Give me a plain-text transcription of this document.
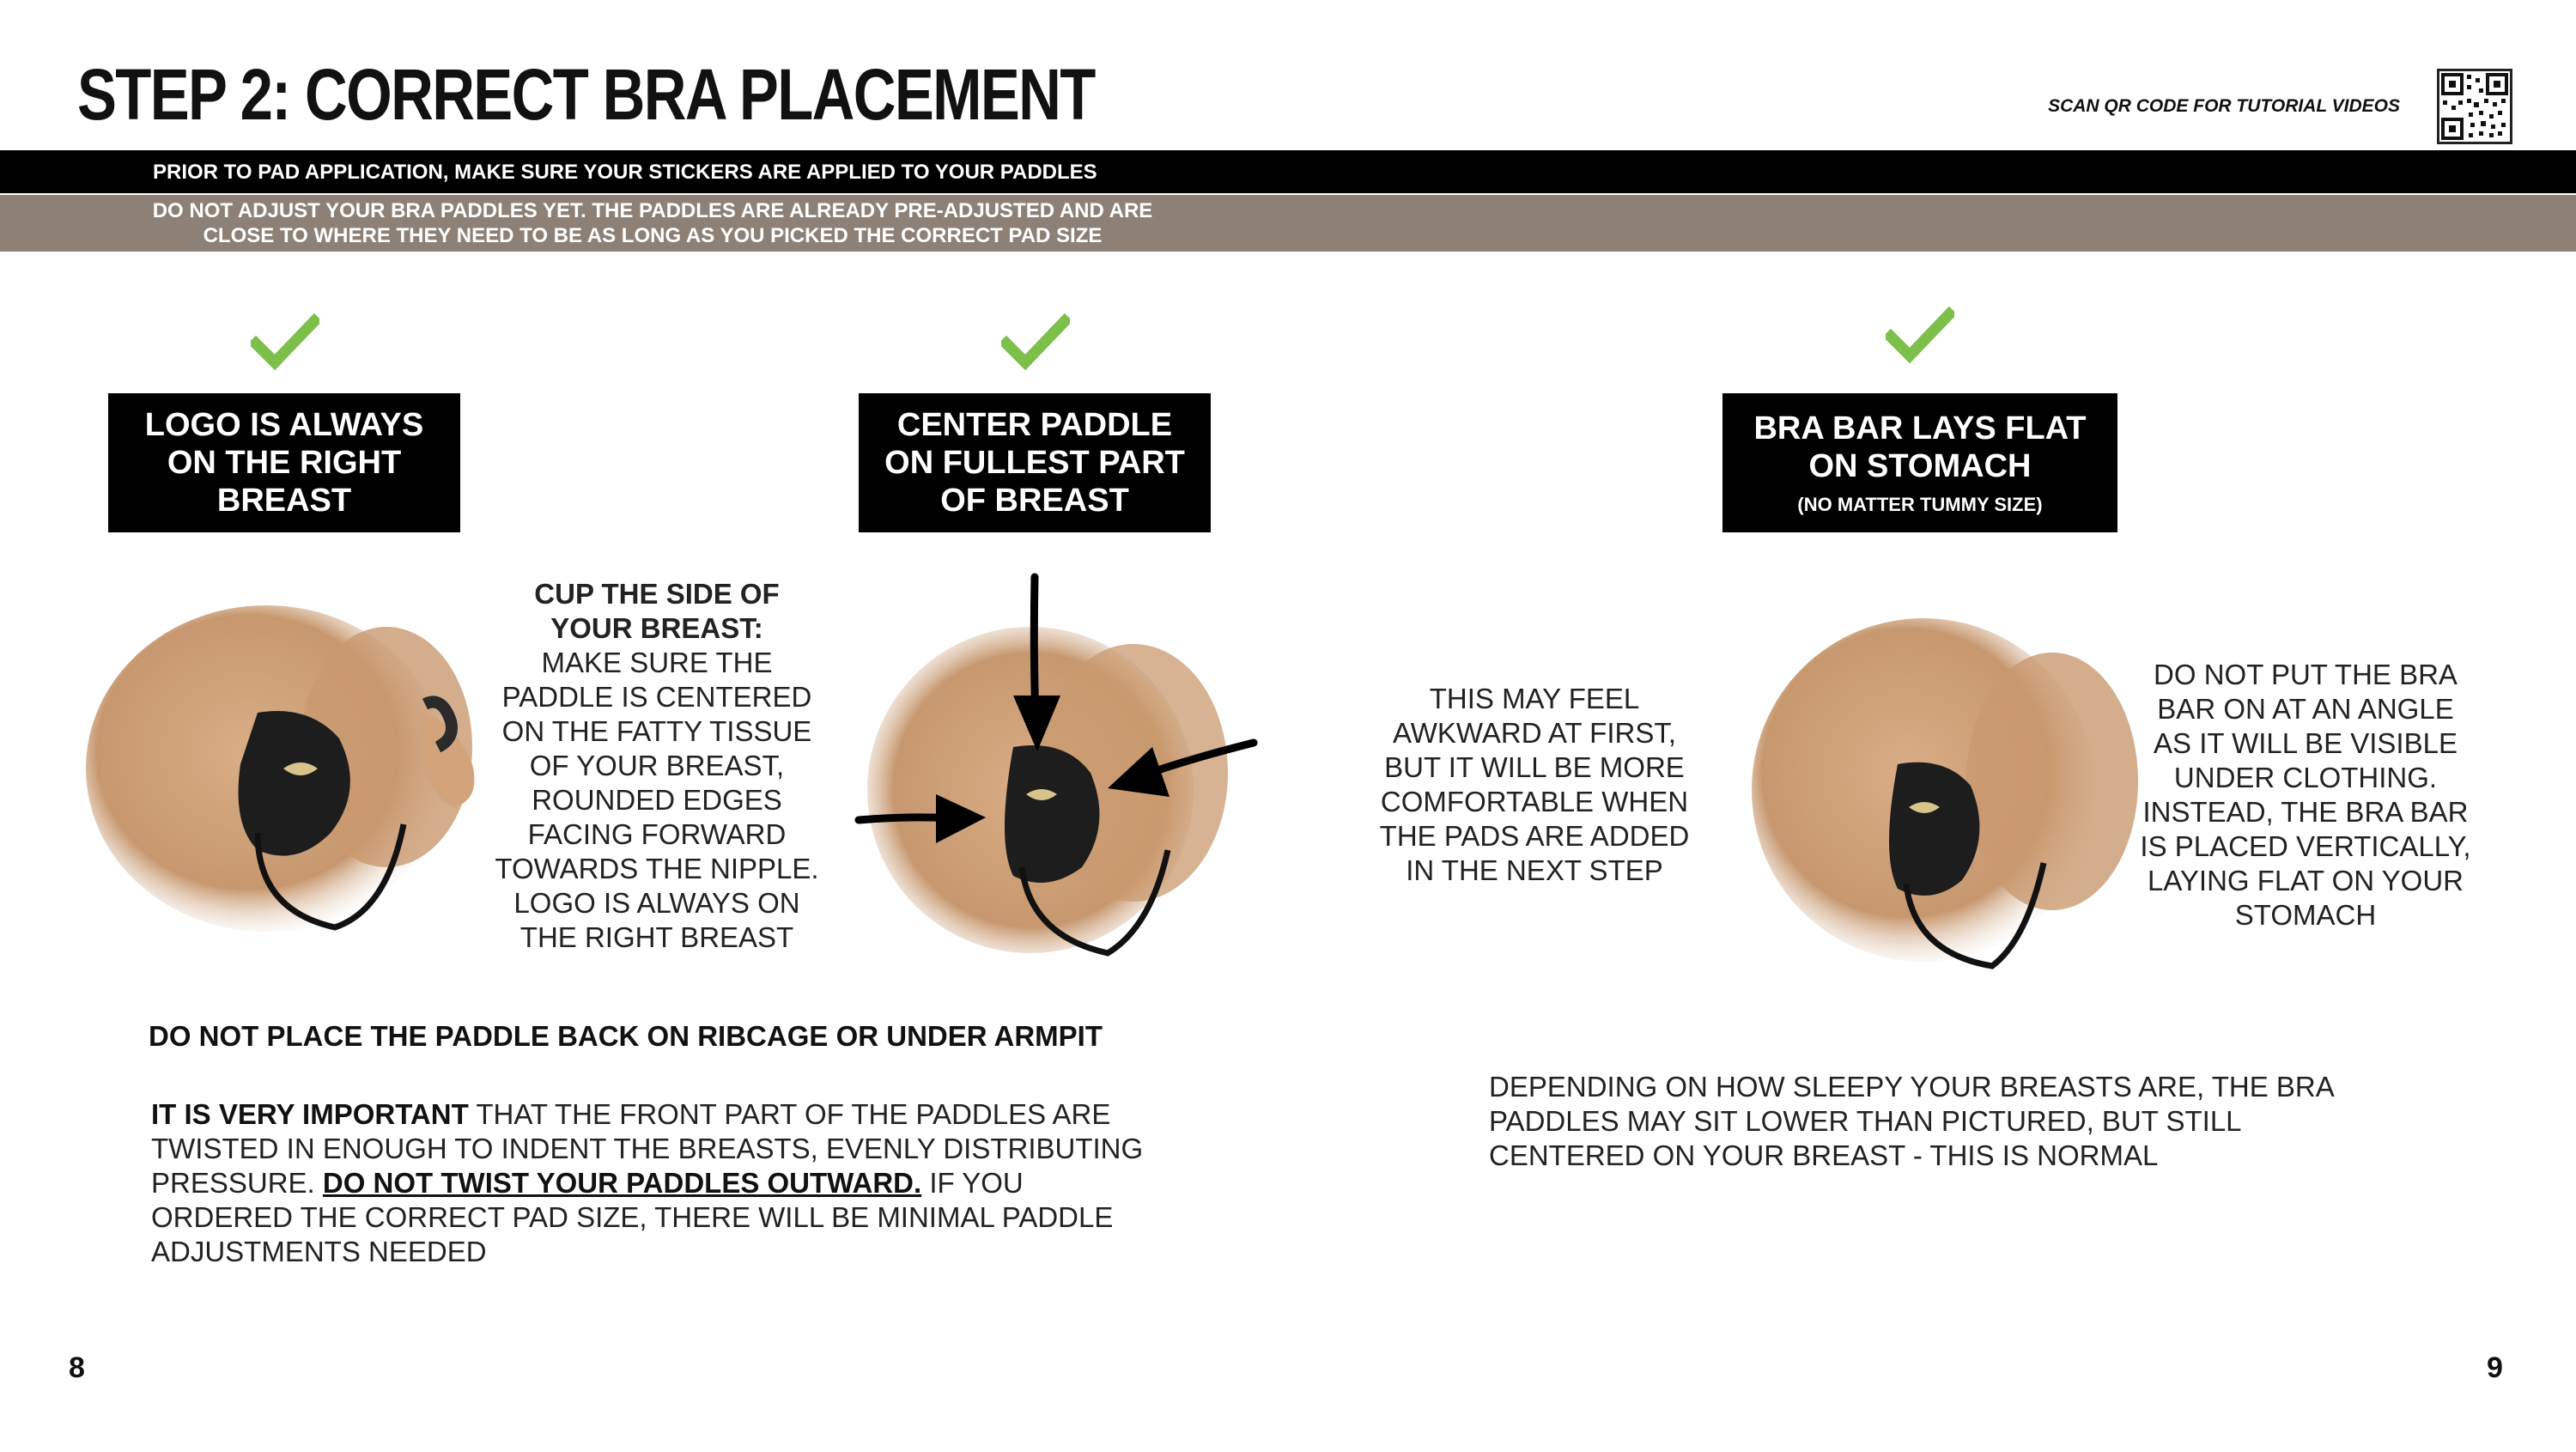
STEP 2: CORRECT BRA PLACEMENT	SCAN QR CODE FOR TUTORIAL VIDEOS
PRIOR TO PAD APPLICATION, MAKE SURE YOUR STICKERS ARE APPLIED TO YOUR PADDLES
DO NOT ADJUST YOUR BRA PADDLES YET. THE PADDLES ARE ALREADY PRE-ADJUSTED AND ARE
CLOSE TO WHERE THEY NEED TO BE AS LONG AS YOU PICKED THE CORRECT PAD SIZE
LOGO IS ALWAYS
ON THE RIGHT
BREAST
CENTER PADDLE
ON FULLEST PART
OF BREAST
BRA BAR LAYS FLAT
ON STOMACH
(NO MATTER TUMMY SIZE)
CUP THE SIDE OF
YOUR BREAST:
MAKE SURE THE
PADDLE IS CENTERED
ON THE FATTY TISSUE
OF YOUR BREAST,
ROUNDED EDGES
FACING FORWARD
TOWARDS THE NIPPLE.
LOGO IS ALWAYS ON
THE RIGHT BREAST
THIS MAY FEEL
AWKWARD AT FIRST,
BUT IT WILL BE MORE
COMFORTABLE WHEN
THE PADS ARE ADDED
IN THE NEXT STEP
DO NOT PUT THE BRA
BAR ON AT AN ANGLE
AS IT WILL BE VISIBLE
UNDER CLOTHING.
INSTEAD, THE BRA BAR
IS PLACED VERTICALLY,
LAYING FLAT ON YOUR
STOMACH
DO NOT PLACE THE PADDLE BACK ON RIBCAGE OR UNDER ARMPIT
IT IS VERY IMPORTANT THAT THE FRONT PART OF THE PADDLES ARE TWISTED IN ENOUGH TO INDENT THE BREASTS, EVENLY DISTRIBUTING PRESSURE. DO NOT TWIST YOUR PADDLES OUTWARD. IF YOU ORDERED THE CORRECT PAD SIZE, THERE WILL BE MINIMAL PADDLE ADJUSTMENTS NEEDED
DEPENDING ON HOW SLEEPY YOUR BREASTS ARE, THE BRA PADDLES MAY SIT LOWER THAN PICTURED, BUT STILL CENTERED ON YOUR BREAST - THIS IS NORMAL
8	9
